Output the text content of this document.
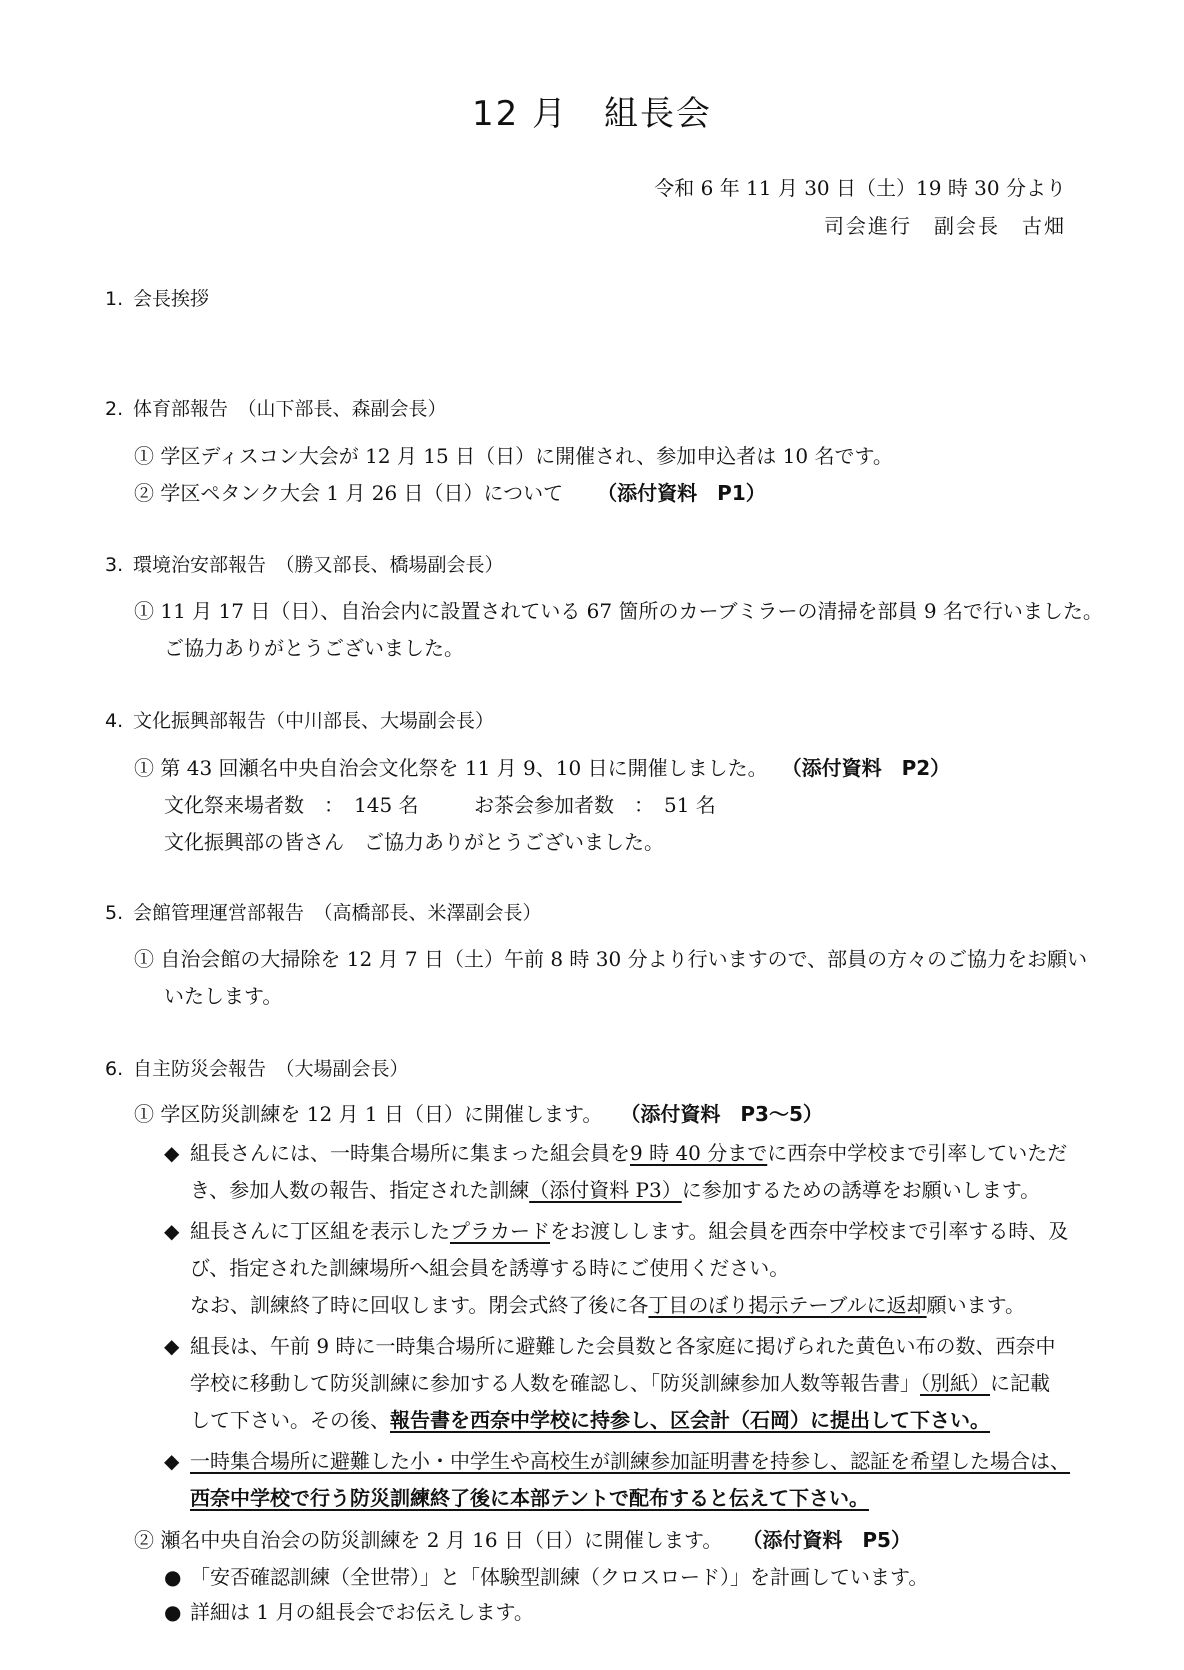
12 月　組長会
令和 6 年 11 月 30 日（土）19 時 30 分より
司会進行　副会長　古畑
1. 会長挨拶
2. 体育部報告　（山下部長、森副会長）
① 学区ディスコン大会が 12 月 15 日（日）に開催され、参加申込者は 10 名です。
② 学区ペタンク大会 1 月 26 日（日）について （添付資料　P1）
3. 環境治安部報告　（勝又部長、橋場副会長）
① 11 月 17 日（日）、自治会内に設置されている 67 箇所のカーブミラーの清掃を部員 9 名で行いました。
ご協力ありがとうございました。
4. 文化振興部報告（中川部長、大場副会長）
① 第 43 回瀬名中央自治会文化祭を 11 月 9、10 日に開催しました。 （添付資料　P2）
文化祭来場者数　：　145 名	お茶会参加者数　：　51 名
文化振興部の皆さん　ご協力ありがとうございました。
5. 会館管理運営部報告　（高橋部長、米澤副会長）
① 自治会館の大掃除を 12 月 7 日（土）午前 8 時 30 分より行いますので、部員の方々のご協力をお願い
いたします。
6. 自主防災会報告　（大場副会長）
① 学区防災訓練を 12 月 1 日（日）に開催します。 （添付資料　P3～5）
◆ 組長さんには、一時集合場所に集まった組会員を9 時 40 分までに西奈中学校まで引率していただ
き、参加人数の報告、指定された訓練（添付資料 P3）に参加するための誘導をお願いします。
◆ 組長さんに丁区組を表示したプラカードをお渡しします。組会員を西奈中学校まで引率する時、及
び、指定された訓練場所へ組会員を誘導する時にご使用ください。
なお、訓練終了時に回収します。閉会式終了後に各丁目のぼり掲示テーブルに返却願います。
◆ 組長は、午前 9 時に一時集合場所に避難した会員数と各家庭に掲げられた黄色い布の数、西奈中
学校に移動して防災訓練に参加する人数を確認し、「防災訓練参加人数等報告書」（別紙）に記載
して下さい。その後、報告書を西奈中学校に持参し、区会計（石岡）に提出して下さい。
◆ 一時集合場所に避難した小・中学生や高校生が訓練参加証明書を持参し、認証を希望した場合は、
西奈中学校で行う防災訓練終了後に本部テントで配布すると伝えて下さい。
② 瀬名中央自治会の防災訓練を 2 月 16 日（日）に開催します。 （添付資料　P5）
● 「安否確認訓練（全世帯）」と「体験型訓練（クロスロード）」を計画しています。
● 詳細は 1 月の組長会でお伝えします。
